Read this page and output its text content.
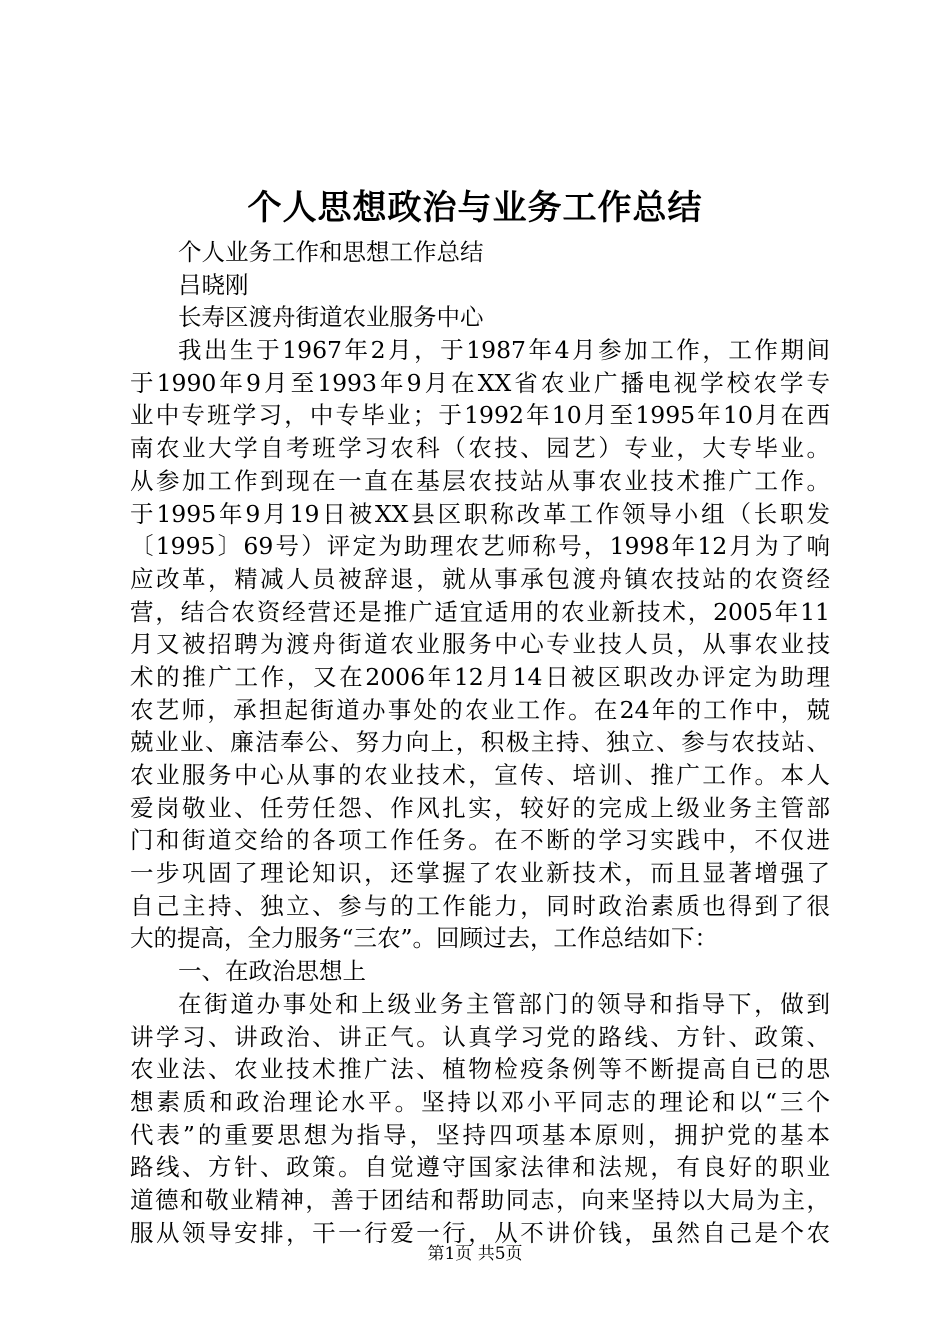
个人思想政治与业务工作总结
个人业务工作和思想工作总结
吕晓刚
长寿区渡舟街道农业服务中心
我出生于1967年2月，于1987年4月参加工作，工作期间
于1990年9月至1993年9月在XX省农业广播电视学校农学专
业中专班学习，中专毕业；于1992年10月至1995年10月在西
南农业大学自考班学习农科（农技、园艺）专业，大专毕业。
从参加工作到现在一直在基层农技站从事农业技术推广工作。
于1995年9月19日被XX县区职称改革工作领导小组（长职发
〔1995〕69号）评定为助理农艺师称号，1998年12月为了响
应改革，精减人员被辞退，就从事承包渡舟镇农技站的农资经
营，结合农资经营还是推广适宜适用的农业新技术，2005年11
月又被招聘为渡舟街道农业服务中心专业技人员，从事农业技
术的推广工作，又在2006年12月14日被区职改办评定为助理
农艺师，承担起街道办事处的农业工作。在24年的工作中，兢
兢业业、廉洁奉公、努力向上，积极主持、独立、参与农技站、
农业服务中心从事的农业技术，宣传、培训、推广工作。本人
爱岗敬业、任劳任怨、作风扎实，较好的完成上级业务主管部
门和街道交给的各项工作任务。在不断的学习实践中，不仅进
一步巩固了理论知识，还掌握了农业新技术，而且显著增强了
自己主持、独立、参与的工作能力，同时政治素质也得到了很
大的提高，全力服务“三农”。回顾过去，工作总结如下：
一、在政治思想上
在街道办事处和上级业务主管部门的领导和指导下，做到
讲学习、讲政治、讲正气。认真学习党的路线、方针、政策、
农业法、农业技术推广法、植物检疫条例等不断提高自已的思
想素质和政治理论水平。坚持以邓小平同志的理论和以“三个
代表”的重要思想为指导，坚持四项基本原则，拥护党的基本
路线、方针、政策。自觉遵守国家法律和法规，有良好的职业
道德和敬业精神，善于团结和帮助同志，向来坚持以大局为主，
服从领导安排，干一行爱一行，从不讲价钱，虽然自己是个农
第1页 共5页
